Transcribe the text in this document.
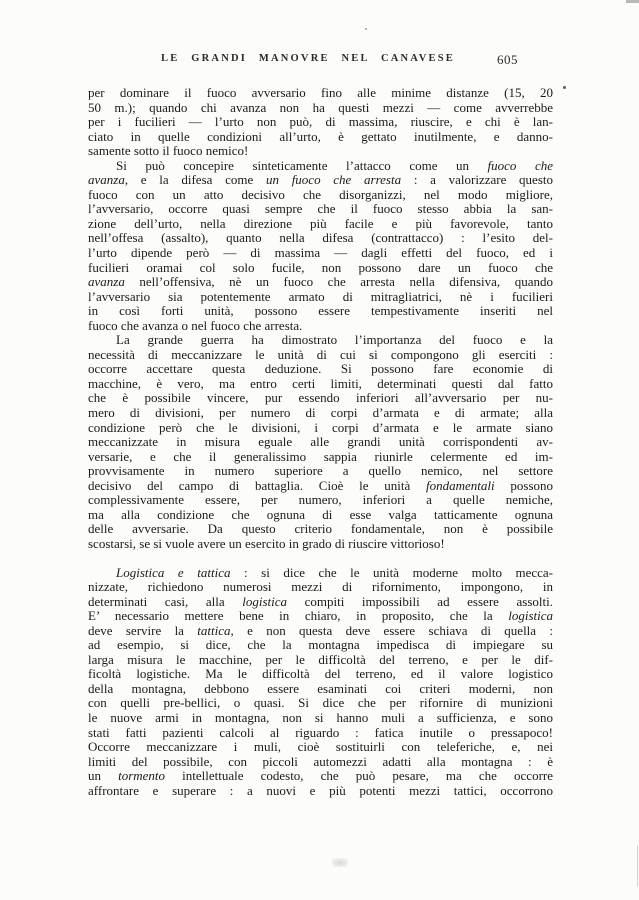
LE GRANDI MANOVRE NEL CANAVESE	605
per dominare il fuoco avversario fino alle minime distanze (15, 20
50 m.); quando chi avanza non ha questi mezzi — come avverrebbe
per i fucilieri — l’urto non può, di massima, riuscire, e chi è lan-
ciato in quelle condizioni all’urto, è gettato inutilmente, e danno-
samente sotto il fuoco nemico!
Si può concepire sinteticamente l’attacco come un fuoco che
avanza, e la difesa come un fuoco che arresta : a valorizzare questo
fuoco con un atto decisivo che disorganizzi, nel modo migliore,
l’avversario, occorre quasi sempre che il fuoco stesso abbia la san-
zione dell’urto, nella direzione più facile e più favorevole, tanto
nell’offesa (assalto), quanto nella difesa (contrattacco) : l’esito del-
l’urto dipende però — di massima — dagli effetti del fuoco, ed i
fucilieri oramai col solo fucile, non possono dare un fuoco che
avanza nell’offensiva, nè un fuoco che arresta nella difensiva, quando
l’avversario sia potentemente armato di mitragliatrici, nè i fucilieri
in così forti unità, possono essere tempestivamente inseriti nel
fuoco che avanza o nel fuoco che arresta.
La grande guerra ha dimostrato l’importanza del fuoco e la
necessità di meccanizzare le unità di cui si compongono gli eserciti :
occorre accettare questa deduzione. Si possono fare economie di
macchine, è vero, ma entro certi limiti, determinati questi dal fatto
che è possibile vincere, pur essendo inferiori all’avversario per nu-
mero di divisioni, per numero di corpi d’armata e di armate; alla
condizione però che le divisioni, i corpi d’armata e le armate siano
meccanizzate in misura eguale alle grandi unità corrispondenti av-
versarie, e che il generalissimo sappia riunirle celermente ed im-
provvisamente in numero superiore a quello nemico, nel settore
decisivo del campo di battaglia. Cioè le unità fondamentali possono
complessivamente essere, per numero, inferiori a quelle nemiche,
ma alla condizione che ognuna di esse valga tatticamente ognuna
delle avversarie. Da questo criterio fondamentale, non è possibile
scostarsi, se si vuole avere un esercito in grado di riuscire vittorioso!
Logistica e tattica : si dice che le unità moderne molto mecca-
nizzate, richiedono numerosi mezzi di rifornimento, impongono, in
determinati casi, alla logistica compiti impossibili ad essere assolti.
E’ necessario mettere bene in chiaro, in proposito, che la logistica
deve servire la tattica, e non questa deve essere schiava di quella :
ad esempio, si dice, che la montagna impedisca di impiegare su
larga misura le macchine, per le difficoltà del terreno, e per le dif-
ficoltà logistiche. Ma le difficoltà del terreno, ed il valore logistico
della montagna, debbono essere esaminati coi criteri moderni, non
con quelli pre-bellici, o quasi. Si dice che per rifornire di munizioni
le nuove armi in montagna, non si hanno muli a sufficienza, e sono
stati fatti pazienti calcoli al riguardo : fatica inutile o pressapoco!
Occorre meccanizzare i muli, cioè sostituirli con teleferiche, e, nei
limiti del possibile, con piccoli automezzi adatti alla montagna : è
un tormento intellettuale codesto, che può pesare, ma che occorre
affrontare e superare : a nuovi e più potenti mezzi tattici, occorrono
